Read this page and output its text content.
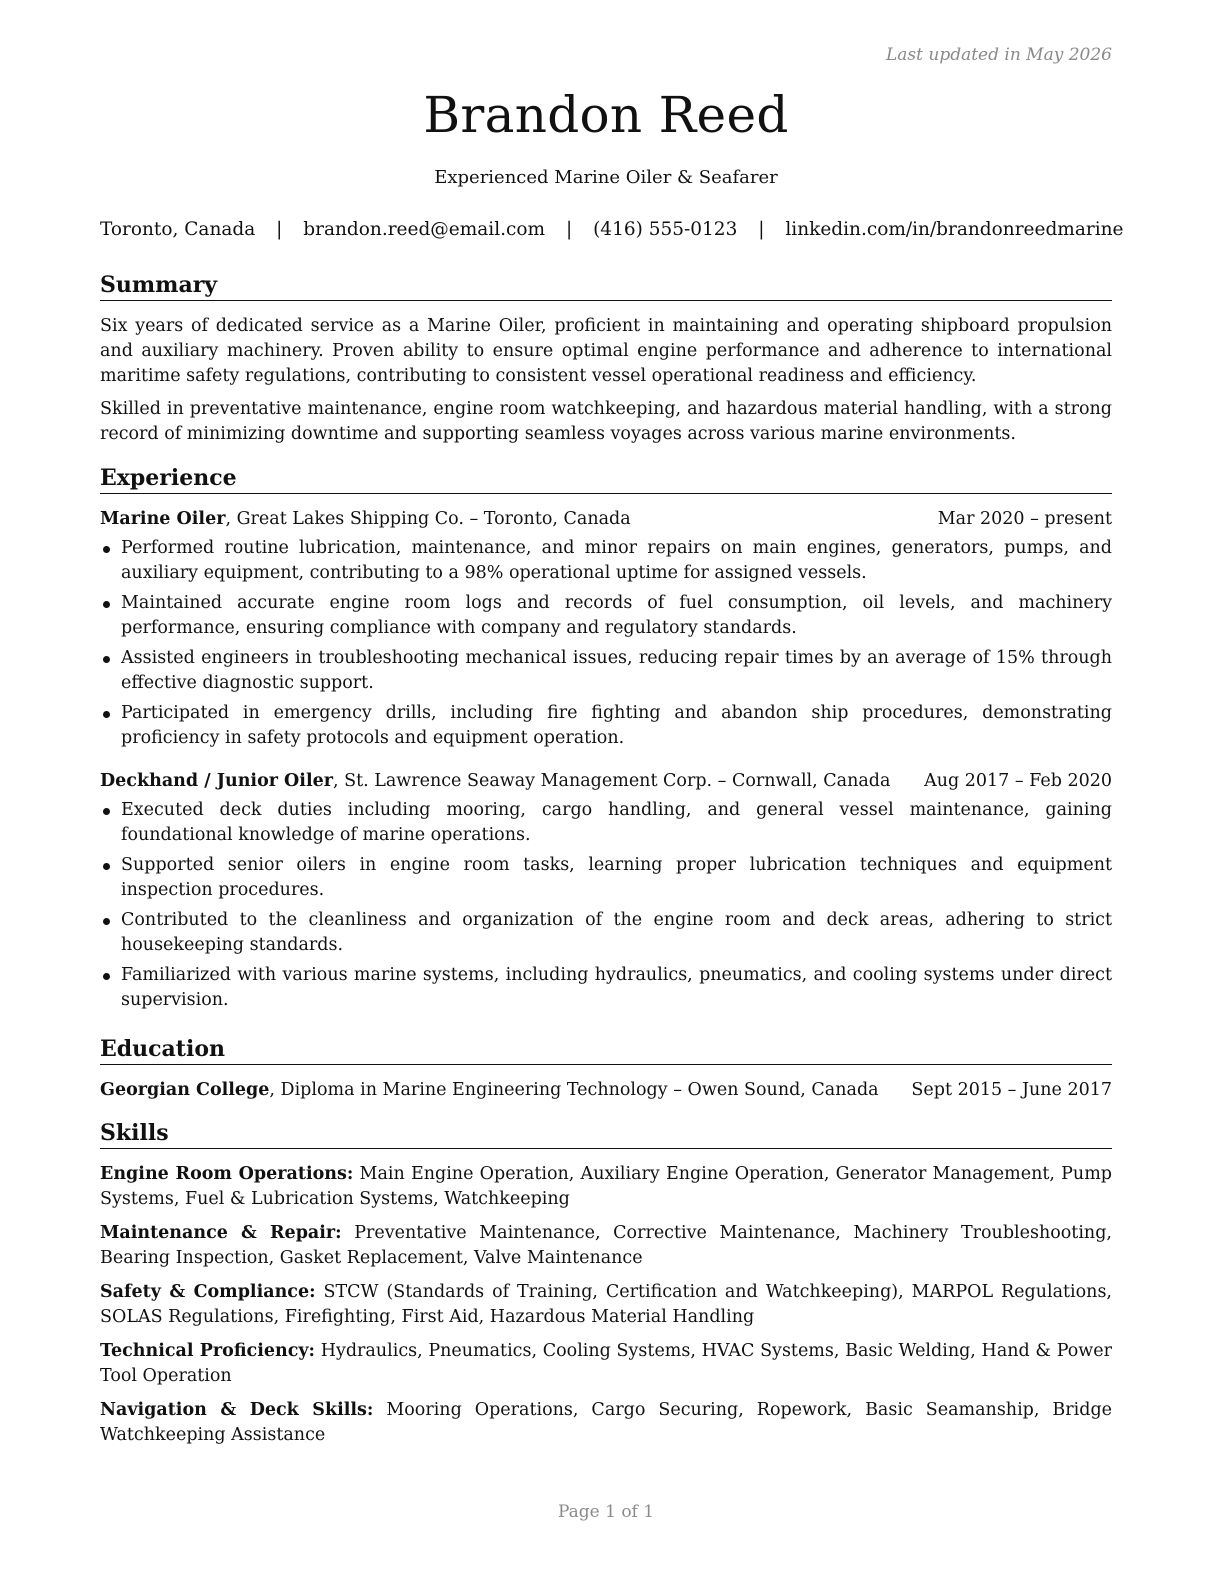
Last updated in May 2026
Brandon Reed
Experienced Marine Oiler & Seafarer
Toronto, Canada | brandon.reed@email.com | (416) 555-0123 | linkedin.com/in/brandonreedmarine
Summary

Six years of dedicated service as a Marine Oiler, proficient in maintaining and operating shipboard propulsion and auxiliary machinery. Proven ability to ensure optimal engine performance and adherence to international maritime safety regulations, contributing to consistent vessel operational readiness and efficiency.

Skilled in preventative maintenance, engine room watchkeeping, and hazardous material handling, with a strong record of minimizing downtime and supporting seamless voyages across various marine environments.

Experience
Marine Oiler, Great Lakes Shipping Co. – Toronto, Canada	Mar 2020 – present
Performed routine lubrication, maintenance, and minor repairs on main engines, generators, pumps, and auxiliary equipment, contributing to a 98% operational uptime for assigned vessels.
Maintained accurate engine room logs and records of fuel consumption, oil levels, and machinery performance, ensuring compliance with company and regulatory standards.
Assisted engineers in troubleshooting mechanical issues, reducing repair times by an average of 15% through effective diagnostic support.
Participated in emergency drills, including fire fighting and abandon ship procedures, demonstrating proficiency in safety protocols and equipment operation.
Deckhand / Junior Oiler, St. Lawrence Seaway Management Corp. – Cornwall, Canada Aug 2017 – Feb 2020
Executed deck duties including mooring, cargo handling, and general vessel maintenance, gaining foundational knowledge of marine operations.
Supported senior oilers in engine room tasks, learning proper lubrication techniques and equipment inspection procedures.
Contributed to the cleanliness and organization of the engine room and deck areas, adhering to strict housekeeping standards.
Familiarized with various marine systems, including hydraulics, pneumatics, and cooling systems under direct supervision.
Education
Georgian College, Diploma in Marine Engineering Technology – Owen Sound, Canada Sept 2015 – June 2017
Skills

Engine Room Operations: Main Engine Operation, Auxiliary Engine Operation, Generator Management, Pump Systems, Fuel & Lubrication Systems, Watchkeeping

Maintenance & Repair: Preventative Maintenance, Corrective Maintenance, Machinery Troubleshooting, Bearing Inspection, Gasket Replacement, Valve Maintenance

Safety & Compliance: STCW (Standards of Training, Certification and Watchkeeping), MARPOL Regulations, SOLAS Regulations, Firefighting, First Aid, Hazardous Material Handling

Technical Proficiency: Hydraulics, Pneumatics, Cooling Systems, HVAC Systems, Basic Welding, Hand & Power Tool Operation

Navigation & Deck Skills: Mooring Operations, Cargo Securing, Ropework, Basic Seamanship, Bridge Watchkeeping Assistance

Page 1 of 1
